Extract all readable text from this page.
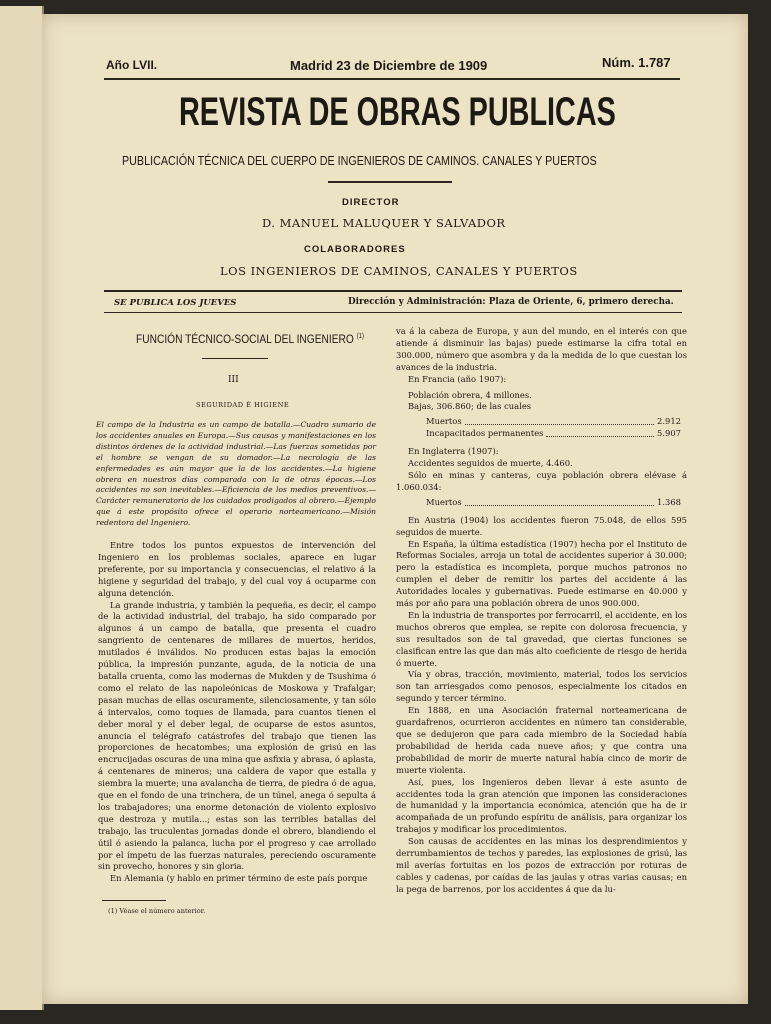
Año LVII.	Madrid 23 de Diciembre de 1909	Núm. 1.787
REVISTA DE OBRAS PUBLICAS
PUBLICACIÓN TÉCNICA DEL CUERPO DE INGENIEROS DE CAMINOS. CANALES Y PUERTOS
DIRECTOR
D. MANUEL MALUQUER Y SALVADOR
COLABORADORES
LOS INGENIEROS DE CAMINOS, CANALES Y PUERTOS
SE PUBLICA LOS JUEVES	Dirección y Administración: Plaza de Oriente, 6, primero derecha.
FUNCIÓN TÉCNICO-SOCIAL DEL INGENIERO $^{(1)}$
III
SEGURIDAD É HIGIENE
El campo de la Industria es un campo de batalla.—Cuadro sumario de los accidentes anuales en Europa.—Sus causas y manifestaciones en los distintos órdenes de la actividad industrial.—Las fuerzas sometidas por el hombre se vengan de su domador.—La necrología de las enfermedades es aún mayor que la de los accidentes.—La higiene obrera en nuestros días comparada con la de otras épocas.—Los accidentes no son inevitables.—Eficiencia de los medios preventivos.—Carácter remuneratorio de los cuidados prodigados al obrero.—Ejemplo que á este propósito ofrece el operario norteamericano.—Misión redentora del Ingeniero.

Entre todos los puntos expuestos de intervención del Ingeniero en los problemas sociales, aparece en lugar preferente, por su importancia y consecuencias, el relativo á la higiene y seguridad del trabajo, y del cual voy á ocuparme con alguna detención.

La grande industria, y también la pequeña, es decir, el campo de la actividad industrial, del trabajo, ha sido comparado por algunos á un campo de batalla, que presenta el cuadro sangriento de centenares de millares de muertos, heridos, mutilados é inválidos. No producen estas bajas la emoción pública, la impresión punzante, aguda, de la noticia de una batalla cruenta, como las modernas de Mukden y de Tsushima ó como el relato de las napoleónicas de Moskowa y Trafalgar; pasan muchas de ellas oscuramente, silenciosamente, y tan sólo á intervalos, como toques de llamada, para cuantos tienen el deber moral y el deber legal, de ocuparse de estos asuntos, anuncia el telégrafo catástrofes del trabajo que tienen las proporciones de hecatombes; una explosión de grisú en las encrucijadas oscuras de una mina que asfixia y abrasa, ó aplasta, á centenares de mineros; una caldera de vapor que estalla y siembra la muerte; una avalancha de tierra, de piedra ó de agua, que en el fondo de una trinchera, de un túnel, anega ó sepulta á los trabajadores; una enorme detonación de violento explosivo que destroza y mutila...; estas son las terribles batallas del trabajo, las truculentas jornadas donde el obrero, blandiendo el útil ó asiendo la palanca, lucha por el progreso y cae arrollado por el ímpetu de las fuerzas naturales, pereciendo oscuramente sin provecho, honores y sin gloria.

En Alemania (y hablo en primer término de este país porque

(1) Véase el número anterior.

va á la cabeza de Europa, y aun del mundo, en el interés con que atiende á disminuir las bajas) puede estimarse la cifra total en 300.000, número que asombra y da la medida de lo que cuestan los avances de la industria.

En Francia (año 1907):

Población obrera, 4 millones.

Bajas, 306.860; de las cuales

Muertos	2.912
Incapacitados permanentes	5.907

En Inglaterra (1907):

Accidentes seguidos de muerte, 4.460.

Sólo en minas y canteras, cuya población obrera elévase á 1.060.034:

Muertos	1.368

En Austria (1904) los accidentes fueron 75.048, de ellos 595 seguidos de muerte.

En España, la última estadística (1907) hecha por el Instituto de Reformas Sociales, arroja un total de accidentes superior á 30.000; pero la estadística es incompleta, porque muchos patronos no cumplen el deber de remitir los partes del accidente á las Autoridades locales y gubernativas. Puede estimarse en 40.000 y más por año para una población obrera de unos 900.000.

En la industria de transportes por ferrocarril, el accidente, en los muchos obreros que emplea, se repite con dolorosa frecuencia, y sus resultados son de tal gravedad, que ciertas funciones se clasifican entre las que dan más alto coeficiente de riesgo de herida ó muerte.

Vía y obras, tracción, movimiento, material, todos los servicios son tan arriesgados como penosos, especialmente los citados en segundo y tercer término.

En 1888, en una Asociación fraternal norteamericana de guardafrenos, ocurrieron accidentes en número tan considerable, que se dedujeron que para cada miembro de la Sociedad había probabilidad de herida cada nueve años; y que contra una probabilidad de morir de muerte natural había cinco de morir de muerte violenta.

Así, pues, los Ingenieros deben llevar á este asunto de accidentes toda la gran atención que imponen las consideraciones de humanidad y la importancia económica, atención que ha de ir acompañada de un profundo espíritu de análisis, para organizar los trabajos y modificar los procedimientos.

Son causas de accidentes en las minas los desprendimientos y derrumbamientos de techos y paredes, las explosiones de grisú, las mil averías fortuitas en los pozos de extracción por roturas de cables y cadenas, por caídas de las jaulas y otras varias causas; en la pega de barrenos, por los accidentes á que da lu-
